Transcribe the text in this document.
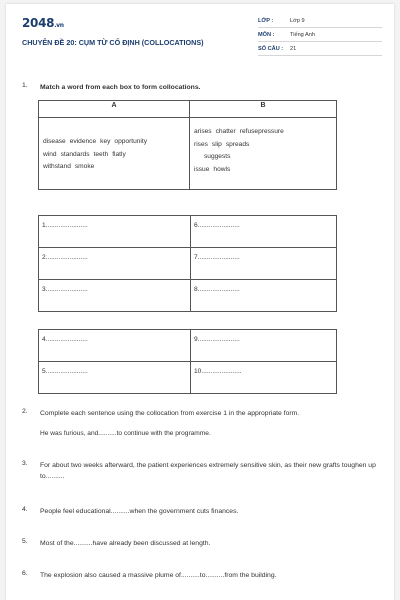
2048.vn
CHUYÊN ĐỀ 20: CỤM TỪ CỐ ĐỊNH (COLLOCATIONS)
LỚP :	Lớp 9
MÔN :	Tiếng Anh
SỐ CÂU : 21
1. Match a word from each box to form collocations.
A	B
disease evidence key opportunity
wind standards teeth flatly
withstand smoke	arises chatter refusepressure
rises slip spreads
suggests
issue howls
1.......................	6.......................
2.......................	7.......................
3.......................	8.......................
4.......................	9.......................
5.......................	10......................
2. Complete each sentence using the collocation from exercise 1 in the appropriate form.
He was furious, and..........to continue with the programme.
3. For about two weeks afterward, the patient experiences extremely sensitive skin, as their new grafts toughen up to..........
4. People feel educational..........when the government cuts finances.
5. Most of the..........have already been discussed at length.
6. The explosion also caused a massive plume of..........to..........from the building.
